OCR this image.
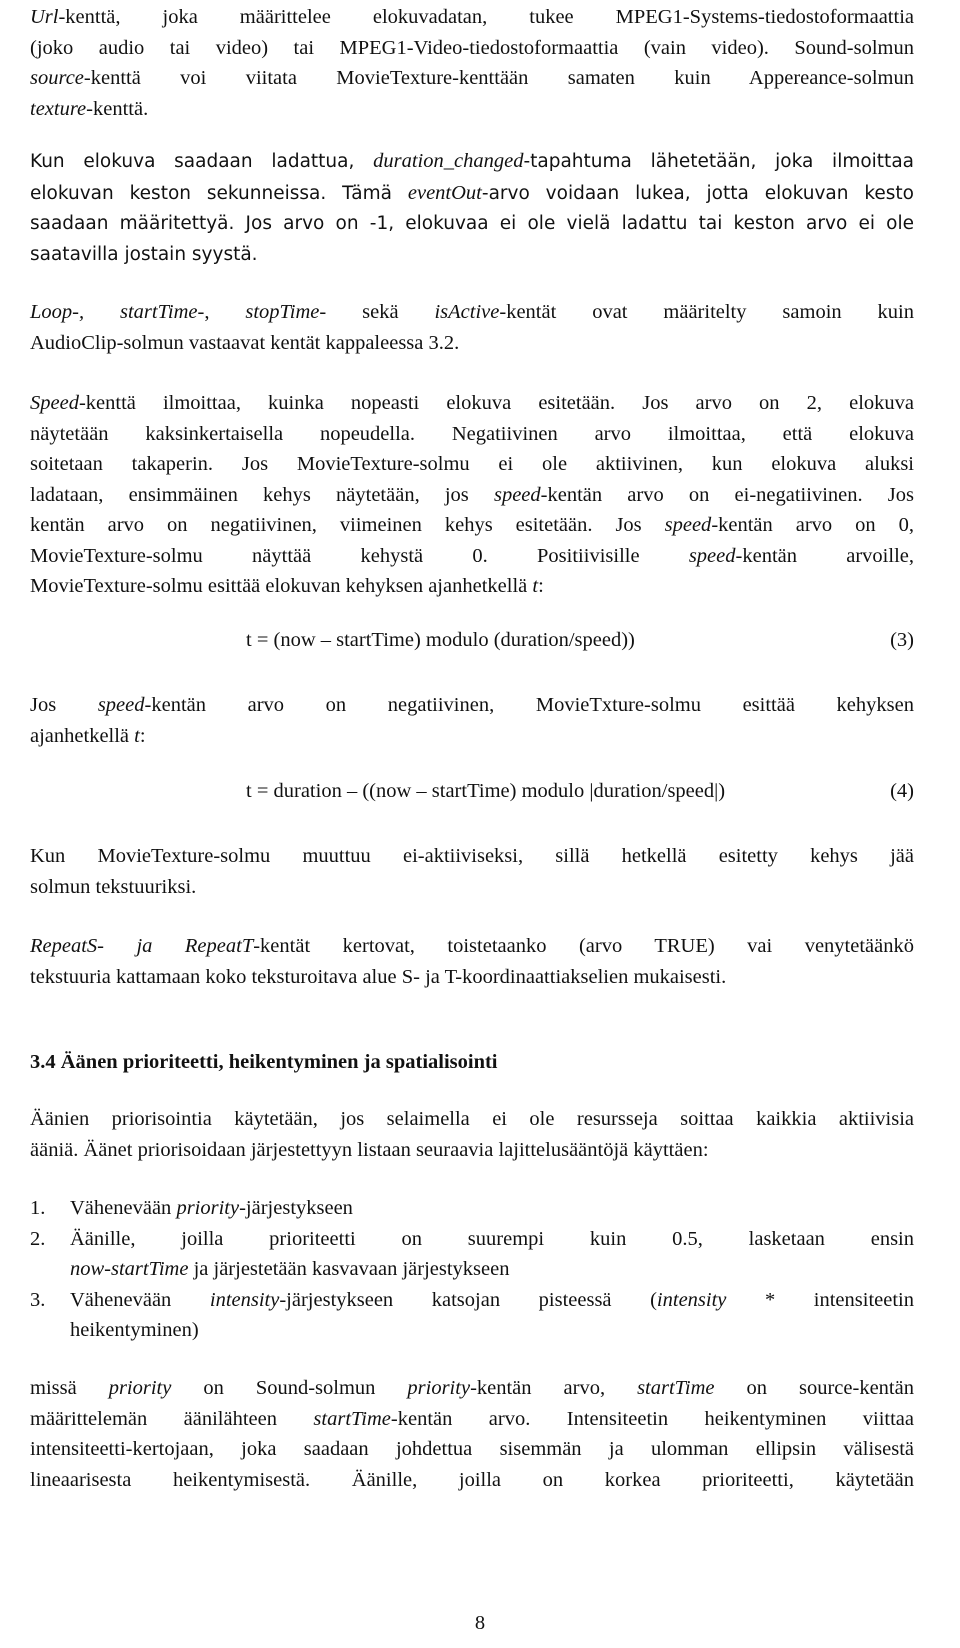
Url-kenttä, joka määrittelee elokuvadatan, tukee MPEG1-Systems-tiedostoformaattia
(joko audio tai video) tai MPEG1-Video-tiedostoformaattia (vain video). Sound-solmun
source-kenttä voi viitata MovieTexture-kenttään samaten kuin Appereance-solmun
texture-kenttä.

Kun elokuva saadaan ladattua, duration_changed-tapahtuma lähetetään, joka ilmoittaa
elokuvan keston sekunneissa. Tämä eventOut-arvo voidaan lukea, jotta elokuvan kesto
saadaan määritettyä. Jos arvo on -1, elokuvaa ei ole vielä ladattu tai keston arvo ei ole
saatavilla jostain syystä.

Loop-, startTime-, stopTime- sekä isActive-kentät ovat määritelty samoin kuin
AudioClip-solmun vastaavat kentät kappaleessa 3.2.

Speed-kenttä ilmoittaa, kuinka nopeasti elokuva esitetään. Jos arvo on 2, elokuva
näytetään kaksinkertaisella nopeudella. Negatiivinen arvo ilmoittaa, että elokuva
soitetaan takaperin. Jos MovieTexture-solmu ei ole aktiivinen, kun elokuva aluksi
ladataan, ensimmäinen kehys näytetään, jos speed-kentän arvo on ei-negatiivinen. Jos
kentän arvo on negatiivinen, viimeinen kehys esitetään. Jos speed-kentän arvo on 0,
MovieTexture-solmu näyttää kehystä 0. Positiivisille speed-kentän arvoille,
MovieTexture-solmu esittää elokuvan kehyksen ajanhetkellä t:

t = (now – startTime) modulo (duration/speed))	(3)

Jos speed-kentän arvo on negatiivinen, MovieTxture-solmu esittää kehyksen
ajanhetkellä t:

t = duration – ((now – startTime) modulo |duration/speed|)	(4)

Kun MovieTexture-solmu muuttuu ei-aktiiviseksi, sillä hetkellä esitetty kehys jää
solmun tekstuuriksi.

RepeatS- ja RepeatT-kentät kertovat, toistetaanko (arvo TRUE) vai venytetäänkö
tekstuuria kattamaan koko teksturoitava alue S- ja T-koordinaattiakselien mukaisesti.

3.4 Äänen prioriteetti, heikentyminen ja spatialisointi

Äänien priorisointia käytetään, jos selaimella ei ole resursseja soittaa kaikkia aktiivisia
ääniä. Äänet priorisoidaan järjestettyyn listaan seuraavia lajittelusääntöjä käyttäen:

1. Vähenevään priority-järjestykseen
2. Äänille, joilla prioriteetti on suurempi kuin 0.5, lasketaan ensin
now-startTime ja järjestetään kasvavaan järjestykseen
3. Vähenevään intensity-järjestykseen katsojan pisteessä (intensity * intensiteetin
heikentyminen)

missä priority on Sound-solmun priority-kentän arvo, startTime on source-kentän
määrittelemän äänilähteen startTime-kentän arvo. Intensiteetin heikentyminen viittaa
intensiteetti-kertojaan, joka saadaan johdettua sisemmän ja ulomman ellipsin välisestä
lineaarisesta heikentymisestä. Äänille, joilla on korkea prioriteetti, käytetään

8
